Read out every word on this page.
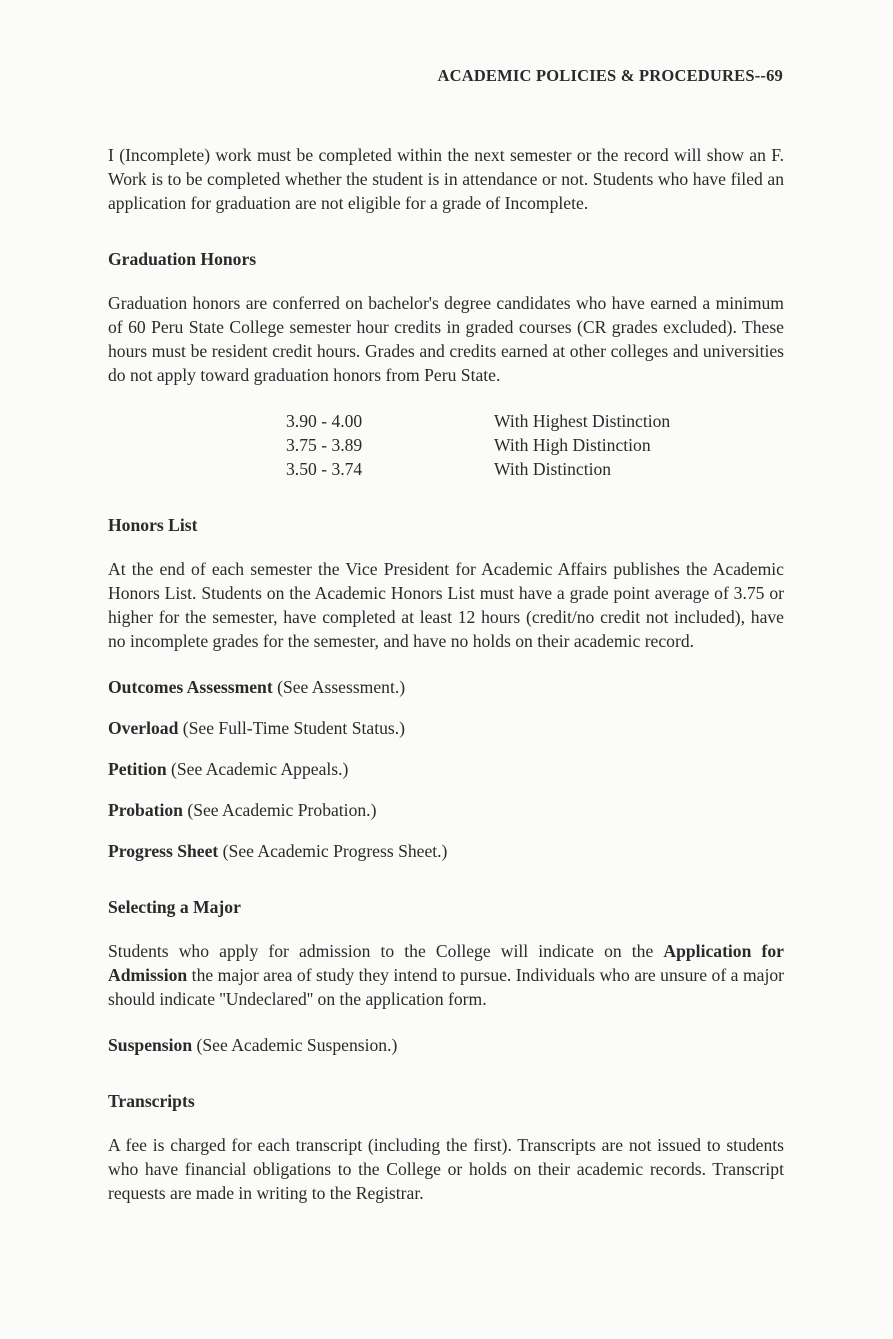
ACADEMIC POLICIES & PROCEDURES--69

I (Incomplete) work must be completed within the next semester or the record will show an F. Work is to be completed whether the student is in attendance or not. Students who have filed an application for graduation are not eligible for a grade of Incomplete.

Graduation Honors

Graduation honors are conferred on bachelor's degree candidates who have earned a minimum of 60 Peru State College semester hour credits in graded courses (CR grades excluded). These hours must be resident credit hours. Grades and credits earned at other colleges and universities do not apply toward graduation honors from Peru State.

3.90 - 4.00	With Highest Distinction
3.75 - 3.89	With High Distinction
3.50 - 3.74	With Distinction
Honors List

At the end of each semester the Vice President for Academic Affairs publishes the Academic Honors List. Students on the Academic Honors List must have a grade point average of 3.75 or higher for the semester, have completed at least 12 hours (credit/no credit not included), have no incomplete grades for the semester, and have no holds on their academic record.

Outcomes Assessment (See Assessment.)

Overload (See Full-Time Student Status.)

Petition (See Academic Appeals.)

Probation (See Academic Probation.)

Progress Sheet (See Academic Progress Sheet.)

Selecting a Major

Students who apply for admission to the College will indicate on the Application for Admission the major area of study they intend to pursue. Individuals who are unsure of a major should indicate ''Undeclared'' on the application form.

Suspension (See Academic Suspension.)

Transcripts

A fee is charged for each transcript (including the first). Transcripts are not issued to students who have financial obligations to the College or holds on their academic records. Transcript requests are made in writing to the Registrar.
